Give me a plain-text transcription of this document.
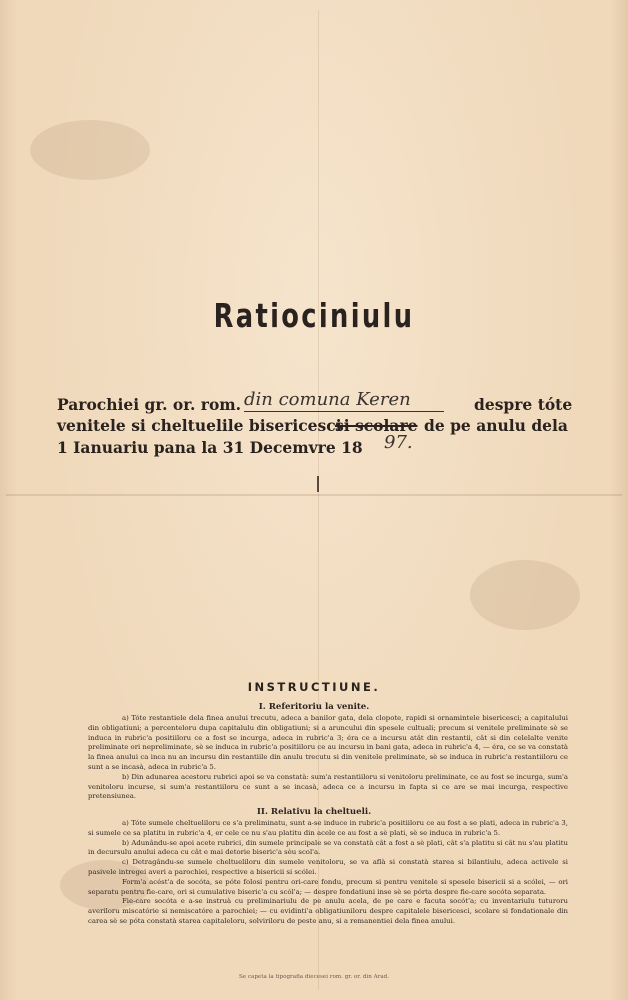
Ratiociniulu
Parochiei gr. or. rom. din comuna Keren	despre tóte
venitele si cheltuelile bisericesci
si scolare de pe anulu dela
1 Ianuariu pana la 31 Decemvre 18 97.
INSTRUCTIUNE.
I. Referitoriu la venite.

a) Tóte restantiele dela finea anului trecutu, adeca a banilor gata, dela clopote, rapidi si ornamintele bisericesci; a capitalului din obligatiuni; a percenteloru dupa capitalulu din obligatiuni; si a aruncului din spesele cultuali; precum si venitele preliminate sè se induca in rubric'a positiiloru ce a fost se incurga, adeca in rubric'a 3; éra ce a incursu atât din restantii, cât si din celelalte venite preliminate ori nepreliminate, sè se induca in rubric'a positiiloru ce au incursu in bani gata, adeca in rubric'a 4, — éra, ce se va constatà la finea anului ca inca nu an incursu din restantiile din anulu trecutu si din venitele preliminate, sè se induca in rubric'a restantiiloru ce sunt a se incasà, adeca in rubric'a 5.

b) Din adunarea acestoru rubrici apoi se va constatà: sum'a restantiiloru si venitoloru preliminate, ce au fost se incurga, sum'a venitoloru incurse, si sum'a restantiiloru ce sunt a se incasà, adeca ce a incursu in fapta si ce are se mai incurga, respective pretensiunea.

II. Relativu la cheltueli.

a) Tóte sumele cheltueliloru ce s'a preliminatu, sunt a-se induce in rubric'a positiiloru ce au fost a se plati, adeca in rubric'a 3, si sumele ce sa platitu in rubric'a 4, er cele ce nu s'au platitu din acele ce au fost a sè plati, sè se induca in rubric'a 5.

b) Adunându-se apoi acete rubrici, din sumele principale se va constatà cât a fost a sè plati, cât s'a platitu si cât nu s'au platitu in decursulu anului adeca cu cât e mai detorie biseric'a sèu scol'a.

c) Detragându-se sumele cheltueliloru din sumele venitoloru, se va aflà si constatà starea si bilantiulu, adeca activele si pasivele intregei averi a parochiei, respective a bisericii si scólei.

Form'a acést'a de socóta, se póte folosi pentru ori-care fondu, precum si pentru venitele si spesele bisericii si a scólei, — ori separatu pentru fie-care, ori si cumulative biseric'a cu scól'a; — despre fondatiuni inse sè se pórta despre fie-care socóta separata.

Fie-care socóta e a-se instruà cu preliminariulu de pe anulu acela, de pe care e facuta socót'a; cu inventariulu tuturoru averiloru miscatórie si nemiscatóre a parochiei; — cu evidinti'a obligatiuniloru despre capitalele bisericesci, scolare si fondationale din carea sè se póta constatà starea capitaleloru, solviriloru de peste anu, si a remanentiei dela finea anului.

Se capeta la tipografia diecesei rom. gr. or. din Arad.
